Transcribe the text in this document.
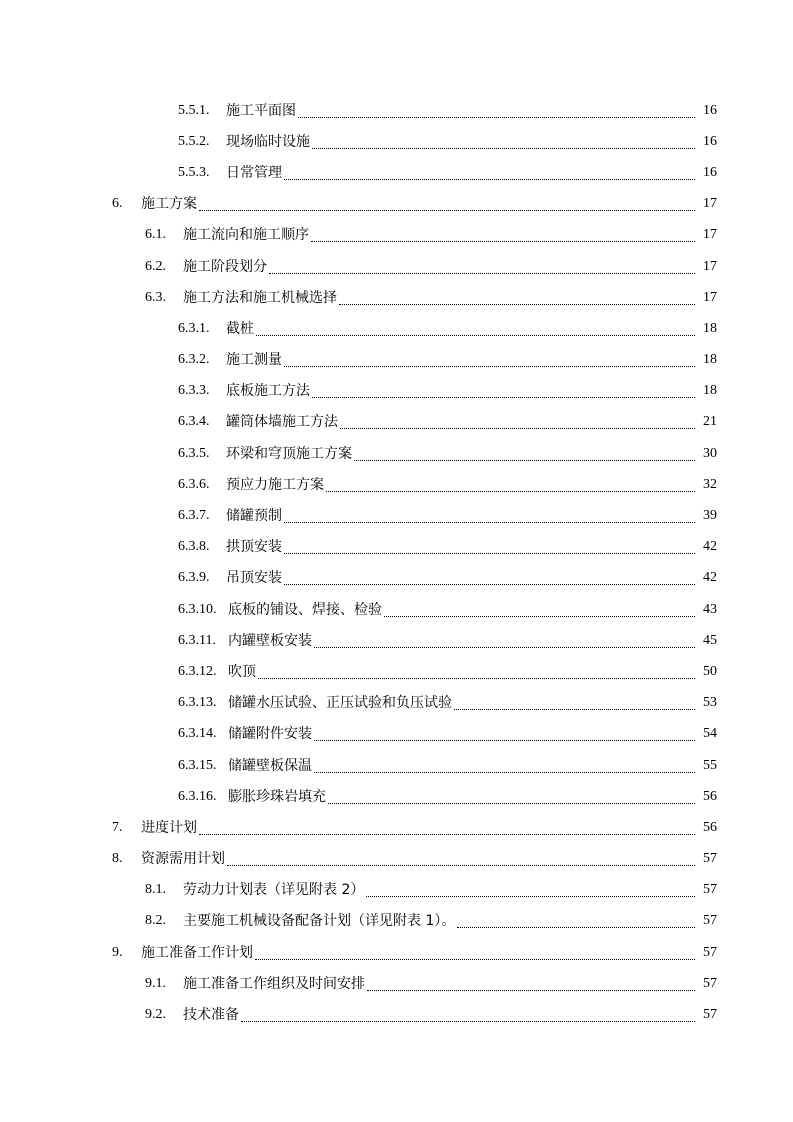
5.5.1.	施工平面图	16
5.5.2.	现场临时设施	16
5.5.3.	日常管理	16
6.	施工方案	17
6.1.	施工流向和施工顺序	17
6.2.	施工阶段划分	17
6.3.	施工方法和施工机械选择	17
6.3.1.	截桩	18
6.3.2.	施工测量	18
6.3.3.	底板施工方法	18
6.3.4.	罐筒体墙施工方法	21
6.3.5.	环梁和穹顶施工方案	30
6.3.6.	预应力施工方案	32
6.3.7.	储罐预制	39
6.3.8.	拱顶安装	42
6.3.9.	吊顶安装	42
6.3.10. 底板的铺设、焊接、检验	43
6.3.11. 内罐壁板安装	45
6.3.12. 吹顶	50
6.3.13. 储罐水压试验、正压试验和负压试验	53
6.3.14. 储罐附件安装	54
6.3.15. 储罐壁板保温	55
6.3.16. 膨胀珍珠岩填充	56
7.	进度计划	56
8.	资源需用计划	57
8.1.	劳动力计划表（详见附表 2）	57
8.2.	主要施工机械设备配备计划（详见附表 1）。	57
9.	施工准备工作计划	57
9.1.	施工准备工作组织及时间安排	57
9.2.	技术准备	57
